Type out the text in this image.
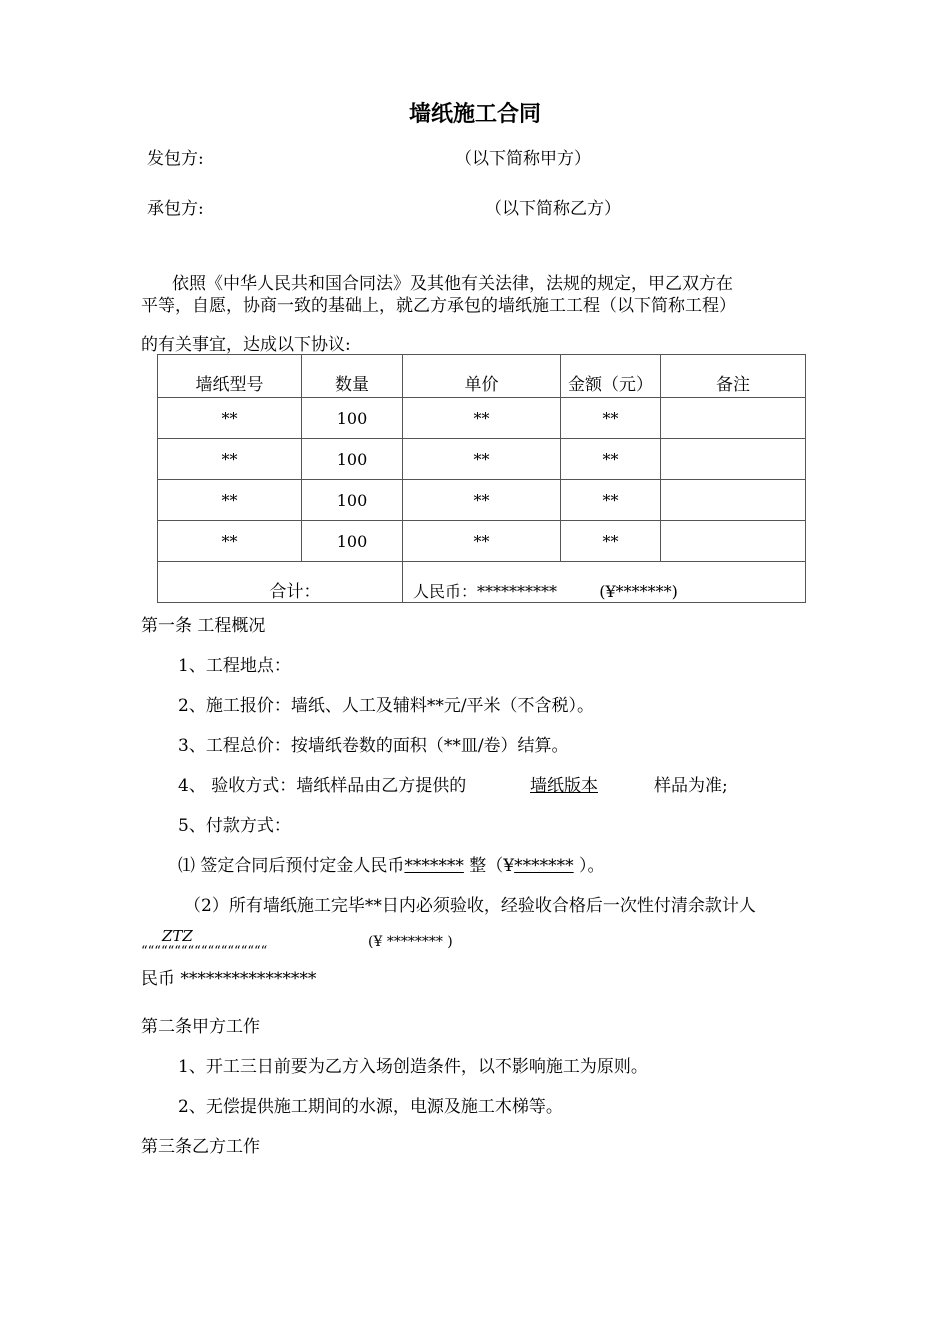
墙纸施工合同
发包方:	（以下简称甲方）
承包方:	（以下简称乙方）
依照《中华人民共和国合同法》及其他有关法律，法规的规定，甲乙双方在
平等，自愿，协商一致的基础上，就乙方承包的墙纸施工工程（以下简称工程）
的有关事宜，达成以下协议:
墙纸型号	数量	单价	金额（元）	备注
**	100	**	**	
**	100	**	**	
**	100	**	**	
**	100	**	**	

合计：		人民币：********** (¥*******)		
第一条 工程概况
1、工程地点：
2、施工报价：墙纸、人工及辅料**元/平米（不含税）。
3、工程总价：按墙纸卷数的面积（**皿/卷）结算。
4、 验收方式：墙纸样品由乙方提供的	墙纸版本	样品为准;
5、付款方式：
⑴ 签定合同后预付定金人民币******* 整（¥******* ）。
（2）所有墙纸施工完毕**日内必须验收，经验收合格后一次性付清余款计人
ZTZ
“““““““““““““““““““
(¥ ******** )
民币 ****************
第二条甲方工作
1、开工三日前要为乙方入场创造条件，以不影响施工为原则。
2、无偿提供施工期间的水源，电源及施工木梯等。
第三条乙方工作
